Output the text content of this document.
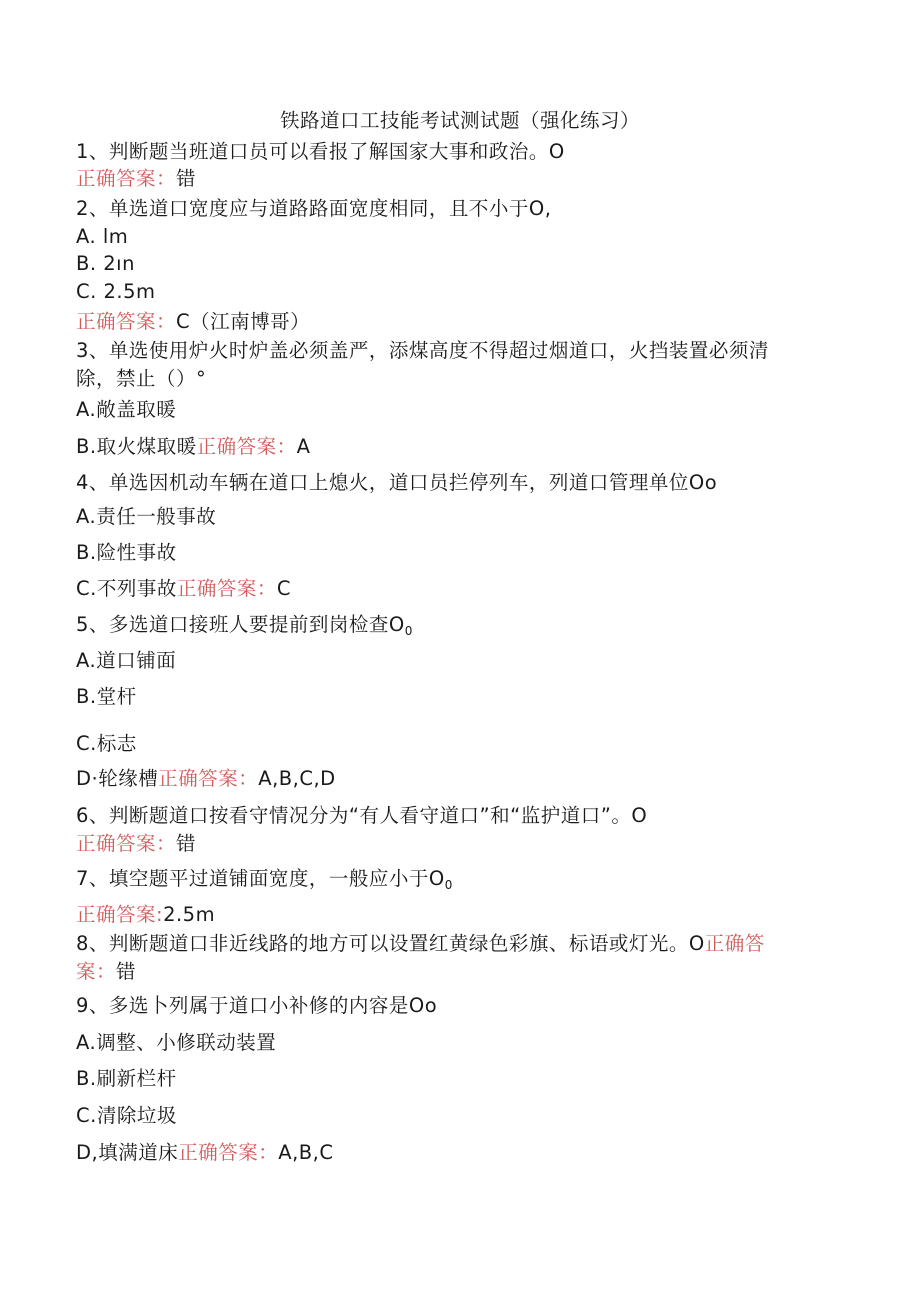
铁路道口工技能考试测试题（强化练习）
1、判断题当班道口员可以看报了解国家大事和政治。O
正确答案：错
2、单选道口宽度应与道路路面宽度相同，且不小于O,
A. lm
B. 2ın
C. 2.5m
正确答案：C（江南博哥）
3、单选使用炉火时炉盖必须盖严，添煤高度不得超过烟道口，火挡装置必须清
除，禁止（）°
A.敞盖取暖
B.取火煤取暖正确答案：A
4、单选因机动车辆在道口上熄火，道口员拦停列车，列道口管理单位Oo
A.责任一般事故
B.险性事故
C.不列事故正确答案：C
5、多选道口接班人要提前到岗检查$O_0$
A.道口铺面
B.堂杆
C.标志
D·轮缘槽正确答案：A,B,C,D
6、判断题道口按看守情况分为“有人看守道口”和“监护道口”。O
正确答案：错
7、填空题平过道铺面宽度，一般应小于$O_0$
正确答案:2.5m
8、判断题道口非近线路的地方可以设置红黄绿色彩旗、标语或灯光。O正确答
案：错
9、多选卜列属于道口小补修的内容是Oo
A.调整、小修联动装置
B.刷新栏杆
C.清除垃圾
D,填满道床正确答案：A,B,C
